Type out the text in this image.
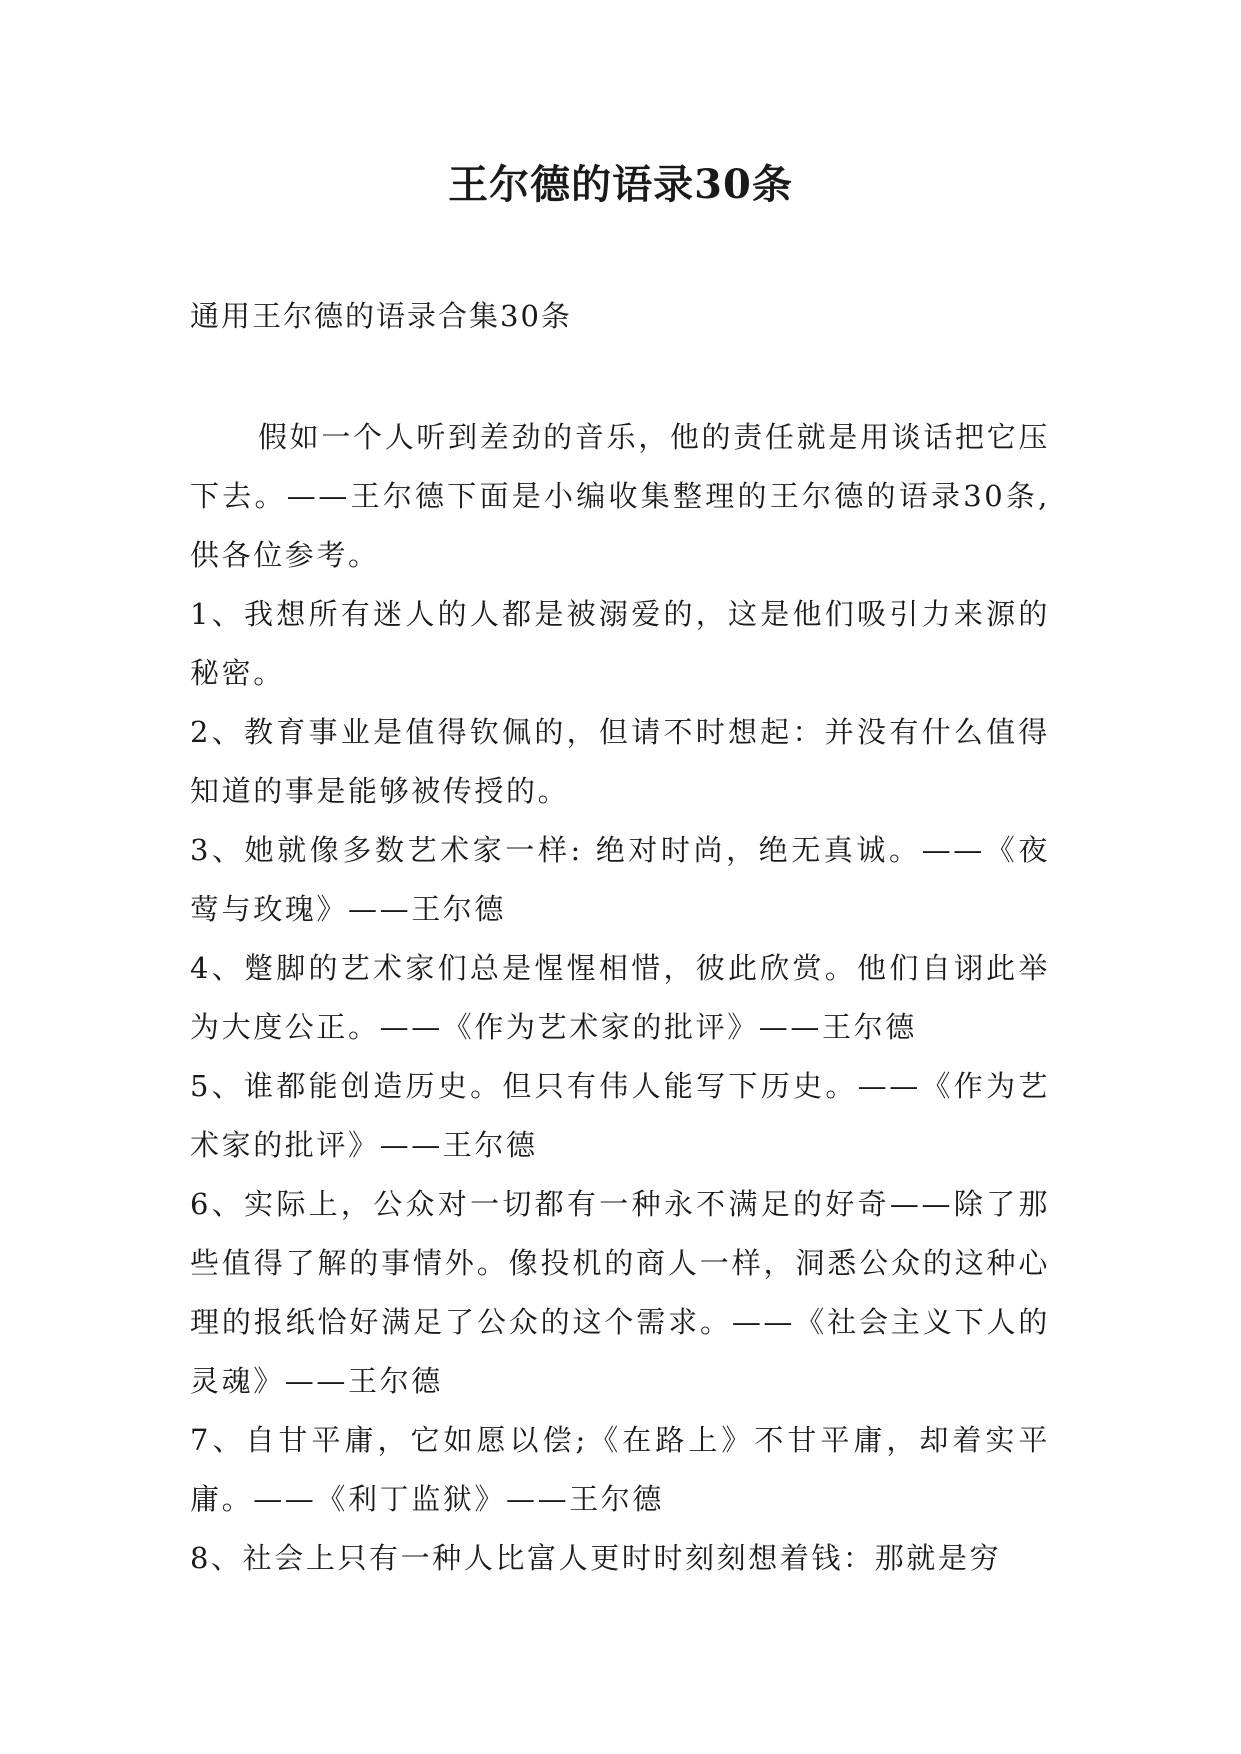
王尔德的语录30条
通用王尔德的语录合集30条

假如一个人听到差劲的音乐，他的责任就是用谈话把它压下去。——王尔德下面是小编收集整理的王尔德的语录30条,供各位参考。

1、我想所有迷人的人都是被溺爱的，这是他们吸引力来源的秘密。

2、教育事业是值得钦佩的，但请不时想起：并没有什么值得知道的事是能够被传授的。

3、她就像多数艺术家一样: 绝对时尚，绝无真诚。——《夜莺与玫瑰》——王尔德

4、蹩脚的艺术家们总是惺惺相惜，彼此欣赏。他们自诩此举为大度公正。——《作为艺术家的批评》——王尔德

5、谁都能创造历史。但只有伟人能写下历史。——《作为艺术家的批评》——王尔德

6、实际上，公众对一切都有一种永不满足的好奇——除了那些值得了解的事情外。像投机的商人一样，洞悉公众的这种心理的报纸恰好满足了公众的这个需求。——《社会主义下人的灵魂》——王尔德

7、自甘平庸，它如愿以偿;《在路上》不甘平庸，却着实平庸。——《利丁监狱》——王尔德

8、社会上只有一种人比富人更时时刻刻想着钱：那就是穷
